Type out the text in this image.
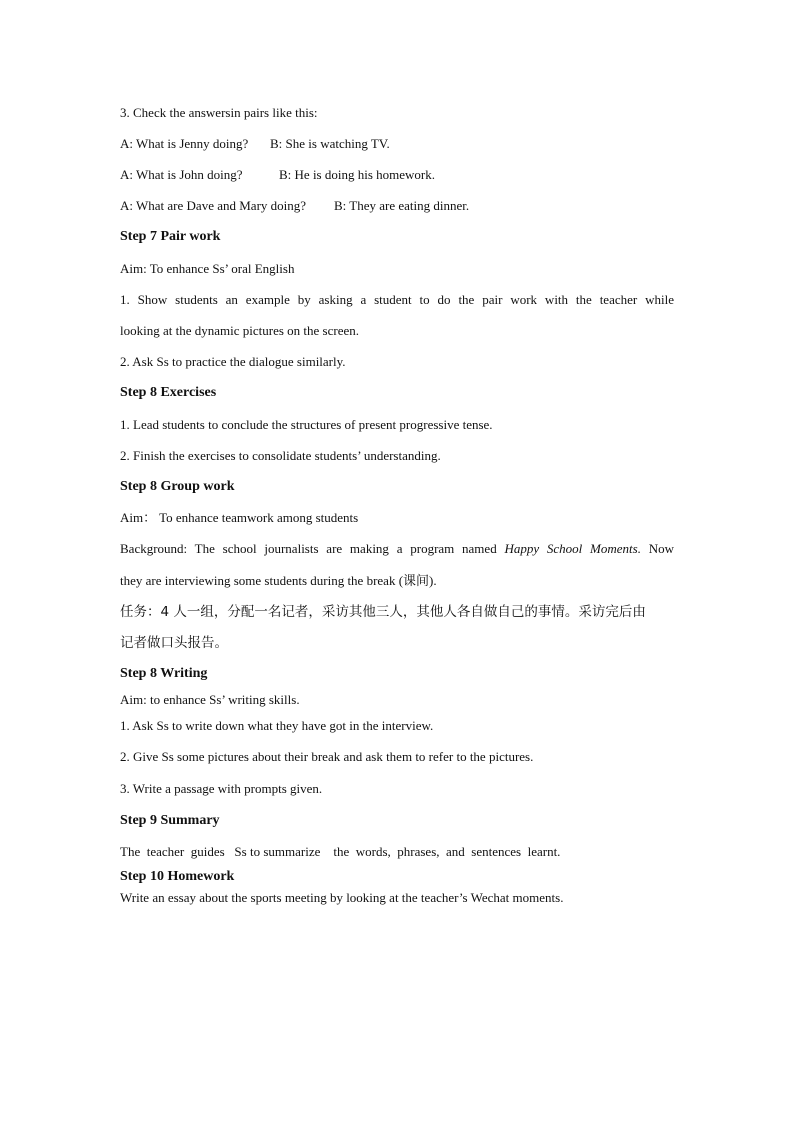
3. Check the answersin pairs like this:
A: What is Jenny doing? B: She is watching TV.
A: What is John doing?	B: He is doing his homework.
A: What are Dave and Mary doing? B: They are eating dinner.
Step 7 Pair work
Aim: To enhance Ss’ oral English
1. Show students an example by asking a student to do the pair work with the teacher while
looking at the dynamic pictures on the screen.
2. Ask Ss to practice the dialogue similarly.
Step 8 Exercises
1. Lead students to conclude the structures of present progressive tense.
2. Finish the exercises to consolidate students’ understanding.
Step 8 Group work
Aim： To enhance teamwork among students
Background: The school journalists are making a program named Happy School Moments. Now
they are interviewing some students during the break (课间).
任务：4 人一组，分配一名记者，采访其他三人，其他人各自做自己的事情。采访完后由
记者做口头报告。
Step 8 Writing
Aim: to enhance Ss’ writing skills.
1. Ask Ss to write down what they have got in the interview.
2. Give Ss some pictures about their break and ask them to refer to the pictures.
3. Write a passage with prompts given.
Step 9 Summary
The  teacher  guides   Ss to summarize    the  words,  phrases,  and  sentences  learnt.
Step 10 Homework
Write an essay about the sports meeting by looking at the teacher’s Wechat moments.
